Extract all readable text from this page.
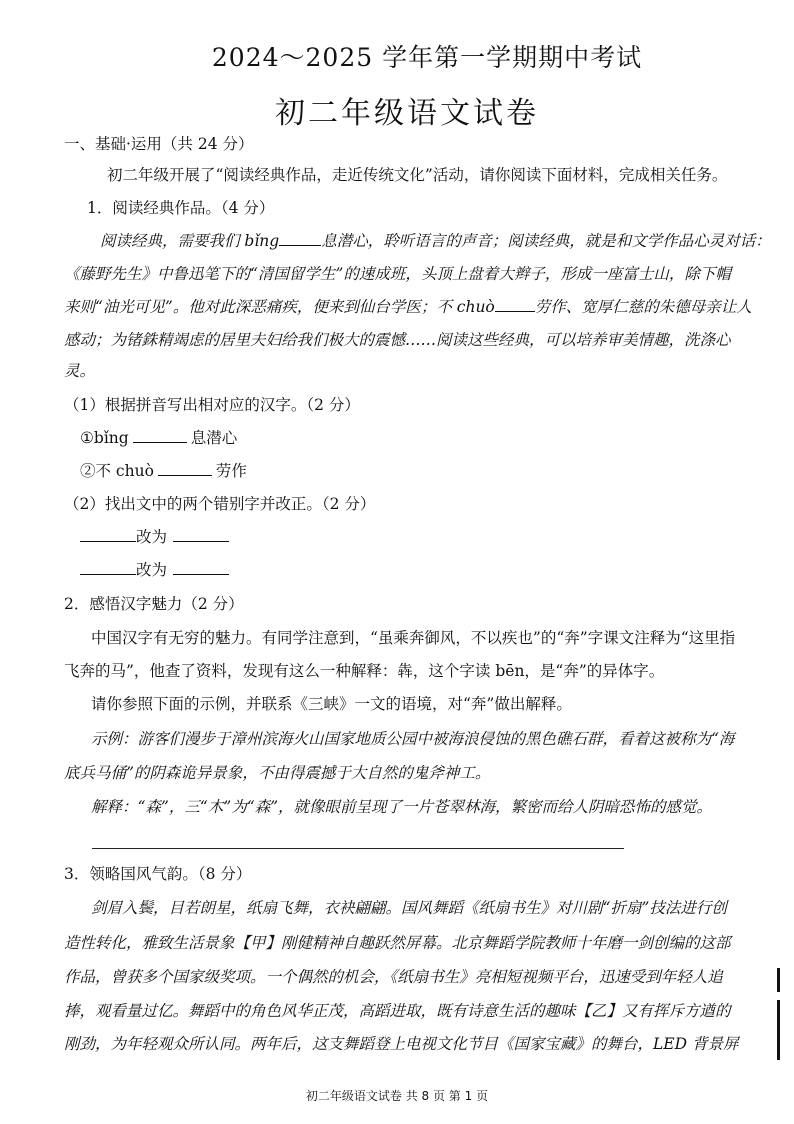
2024～2025 学年第一学期期中考试
初二年级语文试卷
一、基础·运用（共 24 分）
初二年级开展了“阅读经典作品，走近传统文化”活动，请你阅读下面材料，完成相关任务。
1．阅读经典作品。（4 分）
阅读经典，需要我们 bǐng	息潜心，聆听语言的声音；阅读经典，就是和文学作品心灵对话：
《藤野先生》中鲁迅笔下的“清国留学生”的速成班，头顶上盘着大辫子，形成一座富士山，除下帽
来则“油光可见”。他对此深恶痛疾，便来到仙台学医；不 chuò	劳作、宽厚仁慈的朱德母亲让人
感动；为锗銖精竭虑的居里夫妇给我们极大的震憾……阅读这些经典，可以培养审美情趣，洗涤心
灵。
（1）根据拼音写出相对应的汉字。（2 分）
①bǐng	息潜心
②不 chuò	劳作
（2）找出文中的两个错别字并改正。（2 分）
改为
改为
2．感悟汉字魅力（2 分）
中国汉字有无穷的魅力。有同学注意到，“虽乘奔御风，不以疾也”的“奔”字课文注释为“这里指
飞奔的马”，他查了资料，发现有这么一种解释：犇，这个字读 bēn，是“奔”的异体字。
请你参照下面的示例，并联系《三峡》一文的语境，对“奔”做出解释。
示例：游客们漫步于漳州滨海火山国家地质公园中被海浪侵蚀的黑色礁石群，看着这被称为“海
底兵马俑”的阴森诡异景象，不由得震撼于大自然的鬼斧神工。
解释：“森”，三“木”为“森”，就像眼前呈现了一片苍翠林海，繁密而给人阴暗恐怖的感觉。
3．领略国风气韵。（8 分）
剑眉入鬓，目若朗星，纸扇飞舞，衣袂翩翩。国风舞蹈《纸扇书生》对川剧“折扇”技法进行创
造性转化，雅致生活景象【甲】刚健精神自趣跃然屏幕。北京舞蹈学院教师十年磨一剑创编的这部
作品，曾获多个国家级奖项。一个偶然的机会，《纸扇书生》亮相短视频平台，迅速受到年轻人追
捧，观看量过亿。舞蹈中的角色风华正茂，高蹈进取，既有诗意生活的趣味【乙】又有挥斥方遒的
刚劲，为年轻观众所认同。两年后，这支舞蹈登上电视文化节目《国家宝藏》的舞台，LED 背景屏
初二年级语文试卷 共 8 页 第 1 页
